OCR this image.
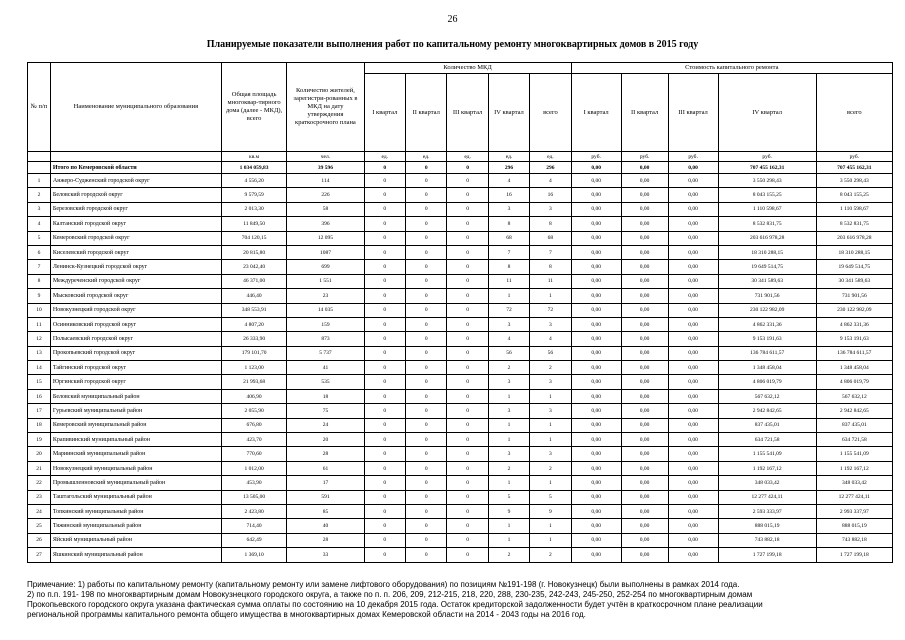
26
Планируемые показатели выполнения работ по капитальному ремонту многоквартирных домов в 2015 году
№ п/п	Наименование муниципального образования	Общая площадь многоквар-тирного дома (далее - МКД), всего	Количество жителей, зарегистри-рованных в МКД на дату утверждения краткосрочного плана	Количество МКД					Стоимость капитального ремонта				
				I квартал	II квартал	III квартал	IV квартал	всего	I квартал	II квартал	III квартал	IV квартал	всего
		кв.м	чел.	ед.	ед.	ед.	ед.	ед.	руб.	руб.	руб.	руб.	руб.
	Итого по Кемеровской области	1 034 059,83	39 596	0	0	0	296	296	0,00	0,00	0,00	707 455 162,31	707 455 162,31
1	Анжеро-Судженский городской округ	4 556,20	114	0	0	0	4	4	0,00	0,00	0,00	3 550 298,43	3 550 298,43
2	Беловский городской округ	9 579,59	226	0	0	0	16	16	0,00	0,00	0,00	8 043 155,25	8 043 155,25
3	Березовский городской округ	2 013,30	58	0	0	0	3	3	0,00	0,00	0,00	1 110 598,67	1 110 598,67
4	Калтанский городской округ	11 849,50	396	0	0	0	8	8	0,00	0,00	0,00	8 532 831,75	8 532 831,75
5	Кемеровский городской округ	704 120,15	12 095	0	0	0	68	68	0,00	0,00	0,00	203 616 978,28	203 616 978,28
6	Киселевский городской округ	20 815,80	1087	0	0	0	7	7	0,00	0,00	0,00	18 310 288,15	18 310 288,15
7	Ленинск-Кузнецкий городской округ	23 042,40	699	0	0	0	8	8	0,00	0,00	0,00	19 649 514,75	19 649 514,75
8	Междуреченский городской округ	46 371,00	1 551	0	0	0	11	11	0,00	0,00	0,00	30 341 589,63	30 341 589,63
9	Мысковский городской округ	446,40	23	0	0	0	1	1	0,00	0,00	0,00	731 901,56	731 901,56
10	Новокузнецкий городской округ	348 553,91	14 035	0	0	0	72	72	0,00	0,00	0,00	230 122 982,09	230 122 982,09
11	Осинниковский городской округ	4 807,20	159	0	0	0	3	3	0,00	0,00	0,00	4 862 331,36	4 862 331,36
12	Полысаевский городской округ	26 333,90	873	0	0	0	4	4	0,00	0,00	0,00	9 153 191,63	9 153 191,63
13	Прокопьевский городской округ	179 101,70	5 737	0	0	0	56	56	0,00	0,00	0,00	136 784 611,57	136 784 611,57
14	Тайгинский городской округ	1 123,00	41	0	0	0	2	2	0,00	0,00	0,00	1 348 458,04	1 348 458,04
15	Юргинский городской округ	21 993,68	535	0	0	0	3	3	0,00	0,00	0,00	4 806 019,79	4 806 019,79
16	Беловский муниципальный район	406,90	18	0	0	0	1	1	0,00	0,00	0,00	567 632,12	567 632,12
17	Гурьевский муниципальный район	2 055,90	75	0	0	0	3	3	0,00	0,00	0,00	2 942 842,65	2 942 842,65
18	Кемеровский муниципальный район	676,80	24	0	0	0	1	1	0,00	0,00	0,00	837 435,01	837 435,01
19	Крапивинский муниципальный район	423,70	20	0	0	0	1	1	0,00	0,00	0,00	634 721,58	634 721,58
20	Мариинский муниципальный район	770,60	28	0	0	0	3	3	0,00	0,00	0,00	1 155 541,09	1 155 541,09
21	Новокузнецкий муниципальный район	1 012,00	61	0	0	0	2	2	0,00	0,00	0,00	1 192 167,12	1 192 167,12
22	Промышленновский муниципальный район	453,90	17	0	0	0	1	1	0,00	0,00	0,00	348 033,42	348 033,42
23	Таштагольский муниципальный район	13 505,00	591	0	0	0	5	5	0,00	0,00	0,00	12 277 424,11	12 277 424,11
24	Топкинский муниципальный район	2 423,80	85	0	0	0	9	9	0,00	0,00	0,00	2 593 333,97	2 993 337,97
25	Тяжинский муниципальный район	714,40	40	0	0	0	1	1	0,00	0,00	0,00	888 015,19	888 015,19
26	Яйский муниципальный район	642,49	28	0	0	0	1	1	0,00	0,00	0,00	743 882,18	743 882,18
27	Яшкинский муниципальный район	1 369,10	33	0	0	0	2	2	0,00	0,00	0,00	1 727 199,18	1 727 199,18
Примечание: 1) работы по капитальному ремонту (капитальному ремонту или замене лифтового оборудования) по позициям №191-198 (г. Новокузнецк) были выполнены в рамках 2014 года.
2) по п.п. 191- 198 по многоквартирным домам Новокузнецкого городского округа, а также по п. п. 206, 209, 212-215, 218, 220, 288, 230-235, 242-243, 245-250, 252-254 по многоквартирным домам
Прокопьевского городского округа указана фактическая сумма оплаты по состоянию на 10 декабря 2015 года. Остаток кредиторской задолженности будет учтён в краткосрочном плане реализации
региональной программы капитального ремонта общего имущества в многоквартирных домах Кемеровской области на 2014 - 2043 годы на 2016 год.
